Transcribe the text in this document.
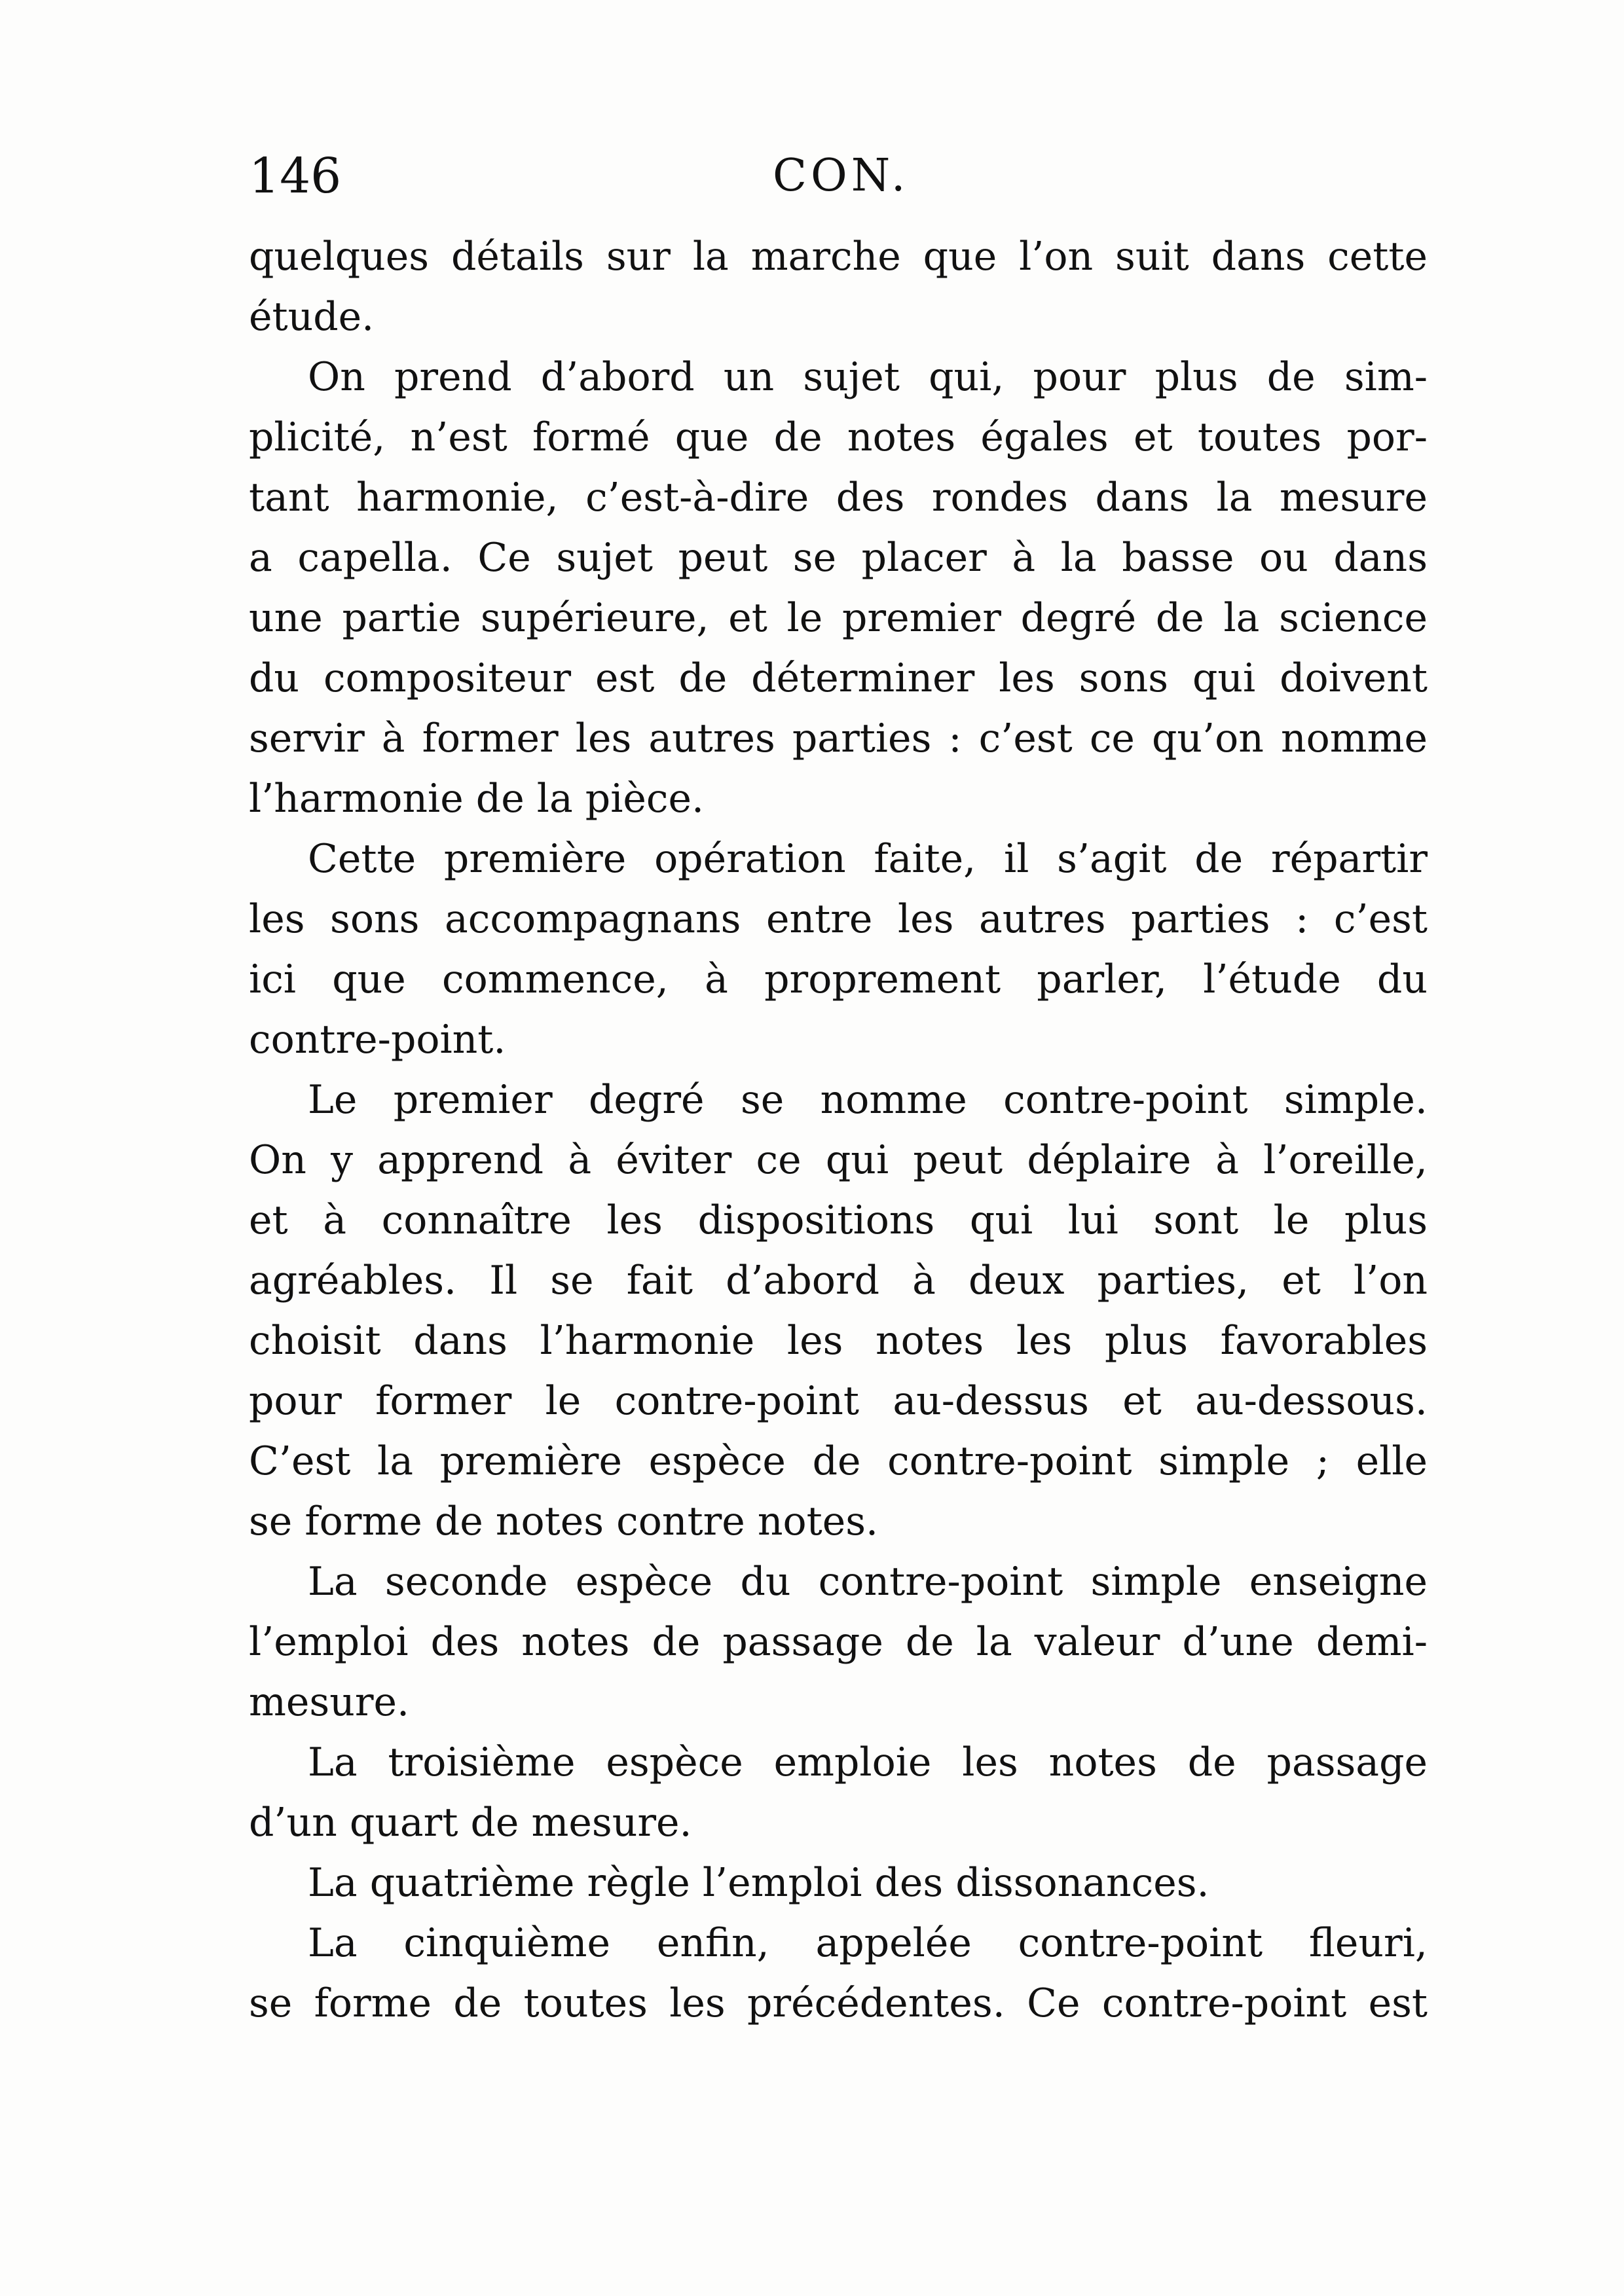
146	CON.
quelques détails sur la marche que l’on suit dans cette
étude.
On prend d’abord un sujet qui, pour plus de sim-
plicité, n’est formé que de notes égales et toutes por-
tant harmonie, c’est-à-dire des rondes dans la mesure
a capella. Ce sujet peut se placer à la basse ou dans
une partie supérieure, et le premier degré de la science
du compositeur est de déterminer les sons qui doivent
servir à former les autres parties : c’est ce qu’on nomme
l’harmonie de la pièce.
Cette première opération faite, il s’agit de répartir
les sons accompagnans entre les autres parties : c’est
ici que commence, à proprement parler, l’étude du
contre-point.
Le premier degré se nomme contre-point simple.
On y apprend à éviter ce qui peut déplaire à l’oreille,
et à connaître les dispositions qui lui sont le plus
agréables. Il se fait d’abord à deux parties, et l’on
choisit dans l’harmonie les notes les plus favorables
pour former le contre-point au-dessus et au-dessous.
C’est la première espèce de contre-point simple ; elle
se forme de notes contre notes.
La seconde espèce du contre-point simple enseigne
l’emploi des notes de passage de la valeur d’une demi-
mesure.
La troisième espèce emploie les notes de passage
d’un quart de mesure.
La quatrième règle l’emploi des dissonances.
La cinquième enfin, appelée contre-point fleuri,
se forme de toutes les précédentes. Ce contre-point est
